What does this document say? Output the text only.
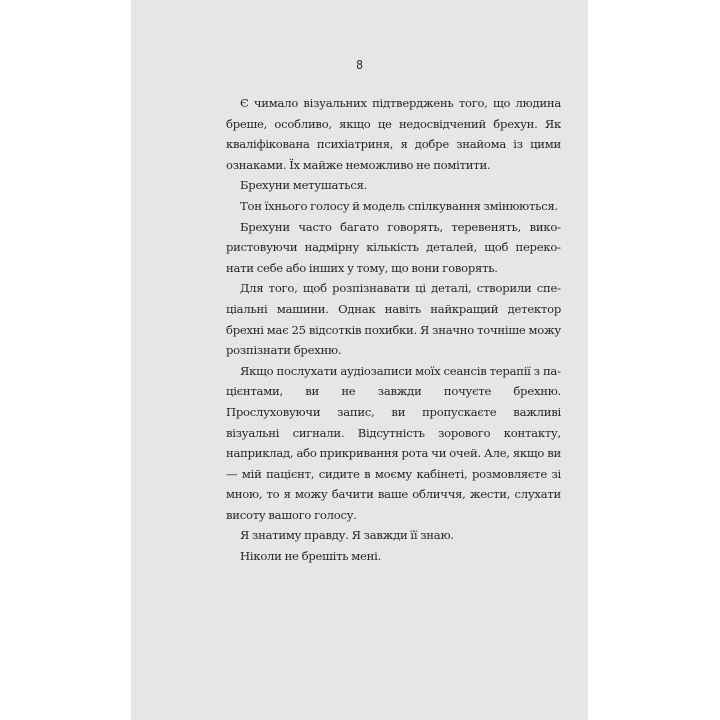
8

Є чимало візуальних підтверджень того, що людина бреше, особливо, якщо це недосвідчений брехун. Як кваліфікована психіатриня, я добре знайома із цими ознаками. Їх майже неможливо не помітити.

Брехуни метушаться.

Тон їхнього голосу й модель спілкування змінюються.

Брехуни часто багато говорять, теревенять, використовуючи надмірну кількість деталей, щоб переконати себе або інших у тому, що вони говорять.

Для того, щоб розпізнавати ці деталі, створили спеціальні машини. Однак навіть найкращий детектор брехні має 25 відсотків похибки. Я значно точніше можу розпізнати брехню.

Якщо послухати аудіозаписи моїх сеансів терапії з пацієнтами, ви не завжди почуєте брехню. Прослуховуючи запис, ви пропускаєте важливі візуальні сигнали. Відсутність зорового контакту, наприклад, або прикривання рота чи очей. Але, якщо ви — мій пацієнт, сидите в моєму кабінеті, розмовляєте зі мною, то я можу бачити ваше обличчя, жести, слухати висоту вашого голосу.

Я знатиму правду. Я завжди її знаю.

Ніколи не брешіть мені.
